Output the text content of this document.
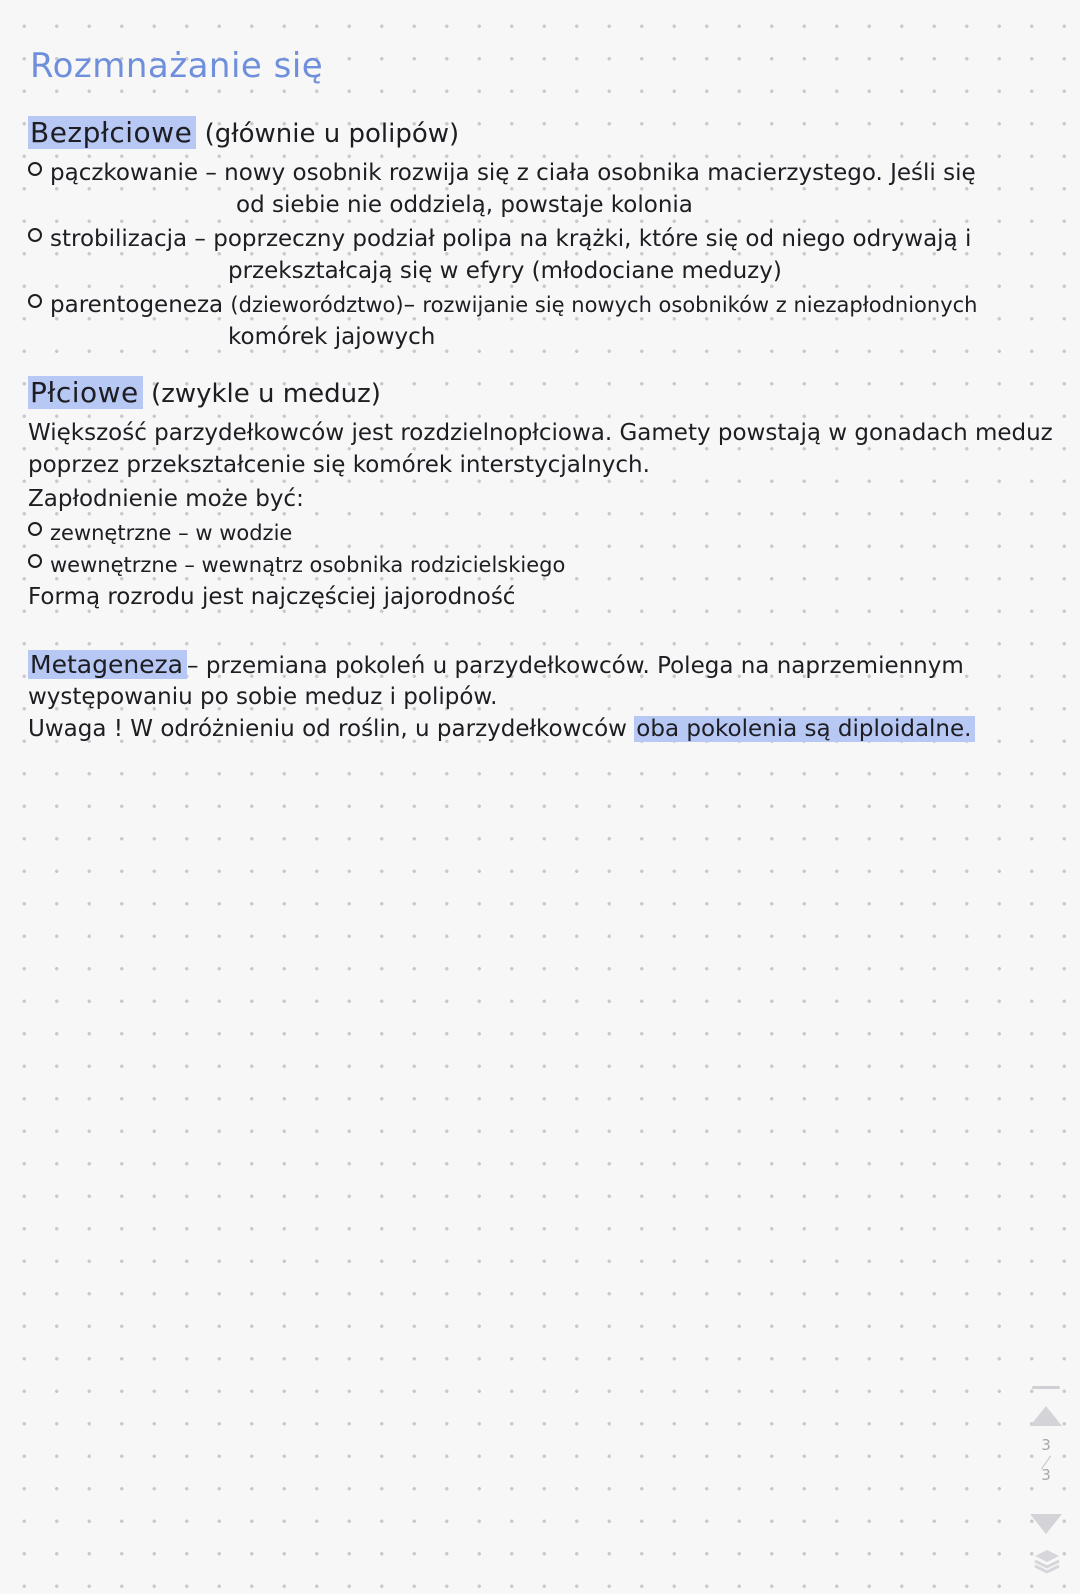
Rozmnażanie się
Bezpłciowe (głównie u polipów)
pączkowanie – nowy osobnik rozwija się z ciała osobnika macierzystego. Jeśli się
od siebie nie oddzielą, powstaje kolonia
strobilizacja – poprzeczny podział polipa na krążki, które się od niego odrywają i
przekształcają się w efyry (młodociane meduzy)
parentogeneza (dzieworództwo)– rozwijanie się nowych osobników z niezapłodnionych
komórek jajowych
Płciowe (zwykle u meduz)
Większość parzydełkowców jest rozdzielnopłciowa. Gamety powstają w gonadach meduz
poprzez przekształcenie się komórek interstycjalnych.
Zapłodnienie może być:
zewnętrzne – w wodzie
wewnętrzne – wewnątrz osobnika rodzicielskiego
Formą rozrodu jest najczęściej jajorodność
Metageneza – przemiana pokoleń u parzydełkowców. Polega na naprzemiennym
występowaniu po sobie meduz i polipów.
Uwaga ! W odróżnieniu od roślin, u parzydełkowców oba pokolenia są diploidalne.
3
3
